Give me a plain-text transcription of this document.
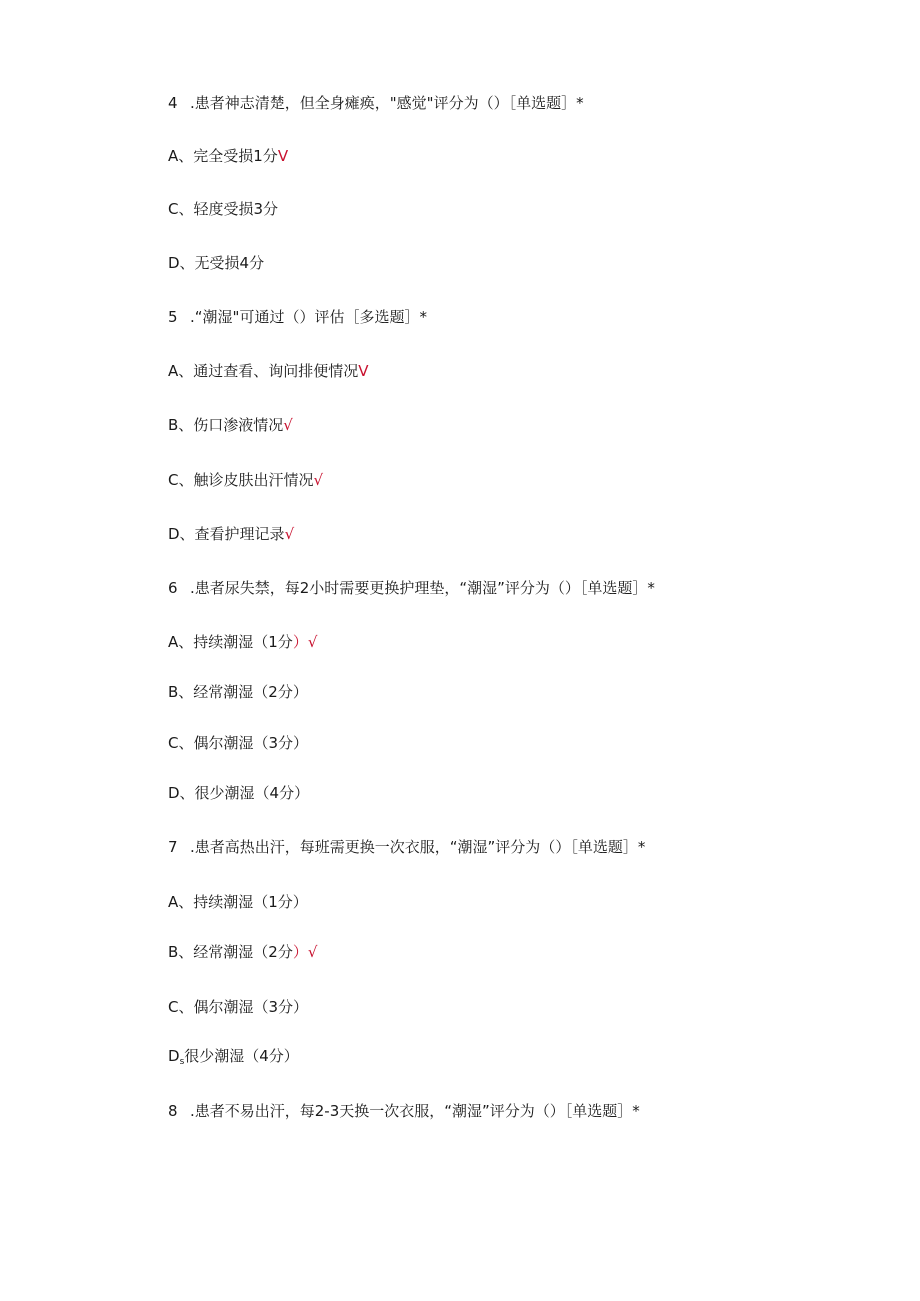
4 .患者神志清楚，但全身瘫痪，"感觉"评分为（）［单选题］*
A、完全受损1分V
C、轻度受损3分
D、无受损4分
5 .“潮湿"可通过（）评估［多选题］*
A、通过查看、询问排便情况V
B、伤口渗液情况√
C、触诊皮肤出汗情况√
D、查看护理记录√
6 .患者尿失禁，每2小时需要更换护理垫，“潮湿”评分为（）［单选题］*
A、持续潮湿（1分）√
B、经常潮湿（2分）
C、偶尔潮湿（3分）
D、很少潮湿（4分）
7 .患者高热出汗，每班需更换一次衣服，“潮湿”评分为（）［单选题］*
A、持续潮湿（1分）
B、经常潮湿（2分）√
C、偶尔潮湿（3分）
$D_s$很少潮湿（4分）
8 .患者不易出汗，每2-3天换一次衣服，“潮湿”评分为（）［单选题］*
